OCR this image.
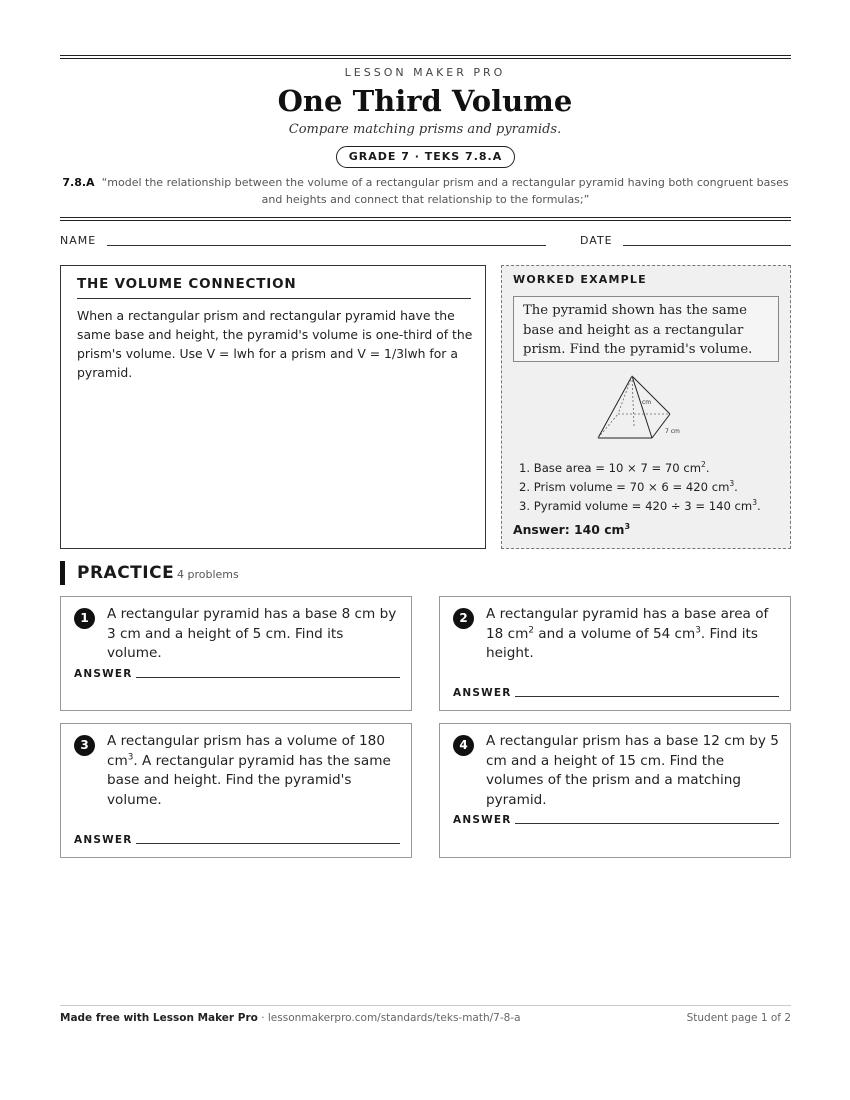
LESSON MAKER PRO
One Third Volume
Compare matching prisms and pyramids.
GRADE 7 · TEKS 7.8.A
7.8.A “model the relationship between the volume of a rectangular prism and a rectangular pyramid having both congruent bases and heights and connect that relationship to the formulas;”
NAME	DATE
THE VOLUME CONNECTION

When a rectangular prism and rectangular pyramid have the same base and height, the pyramid's volume is one-third of the prism's volume. Use V = lwh for a prism and V = 1/3lwh for a pyramid.

WORKED EXAMPLE
The pyramid shown has the same base and height as a rectangular prism. Find the pyramid's volume.
cm
7 cm
1. Base area = 10 × 7 = 70 $cm^2$.
2. Prism volume = 70 × 6 = 420 $cm^3$.
3. Pyramid volume = 420 ÷ 3 = 140 $cm^3$.
Answer: 140 $cm^3$
PRACTICE 4 problems
1	A rectangular pyramid has a base 8 cm by 3 cm and a height of 5 cm. Find its volume.
ANSWER
2	A rectangular pyramid has a base area of 18 $cm^2$ and a volume of 54 $cm^3$. Find its height.
ANSWER
3	A rectangular prism has a volume of 180 $cm^3$. A rectangular pyramid has the same base and height. Find the pyramid's volume.
ANSWER
4	A rectangular prism has a base 12 cm by 5 cm and a height of 15 cm. Find the volumes of the prism and a matching pyramid.
ANSWER
Made free with Lesson Maker Pro · lessonmakerpro.com/standards/teks-math/7-8-a	Student page 1 of 2
